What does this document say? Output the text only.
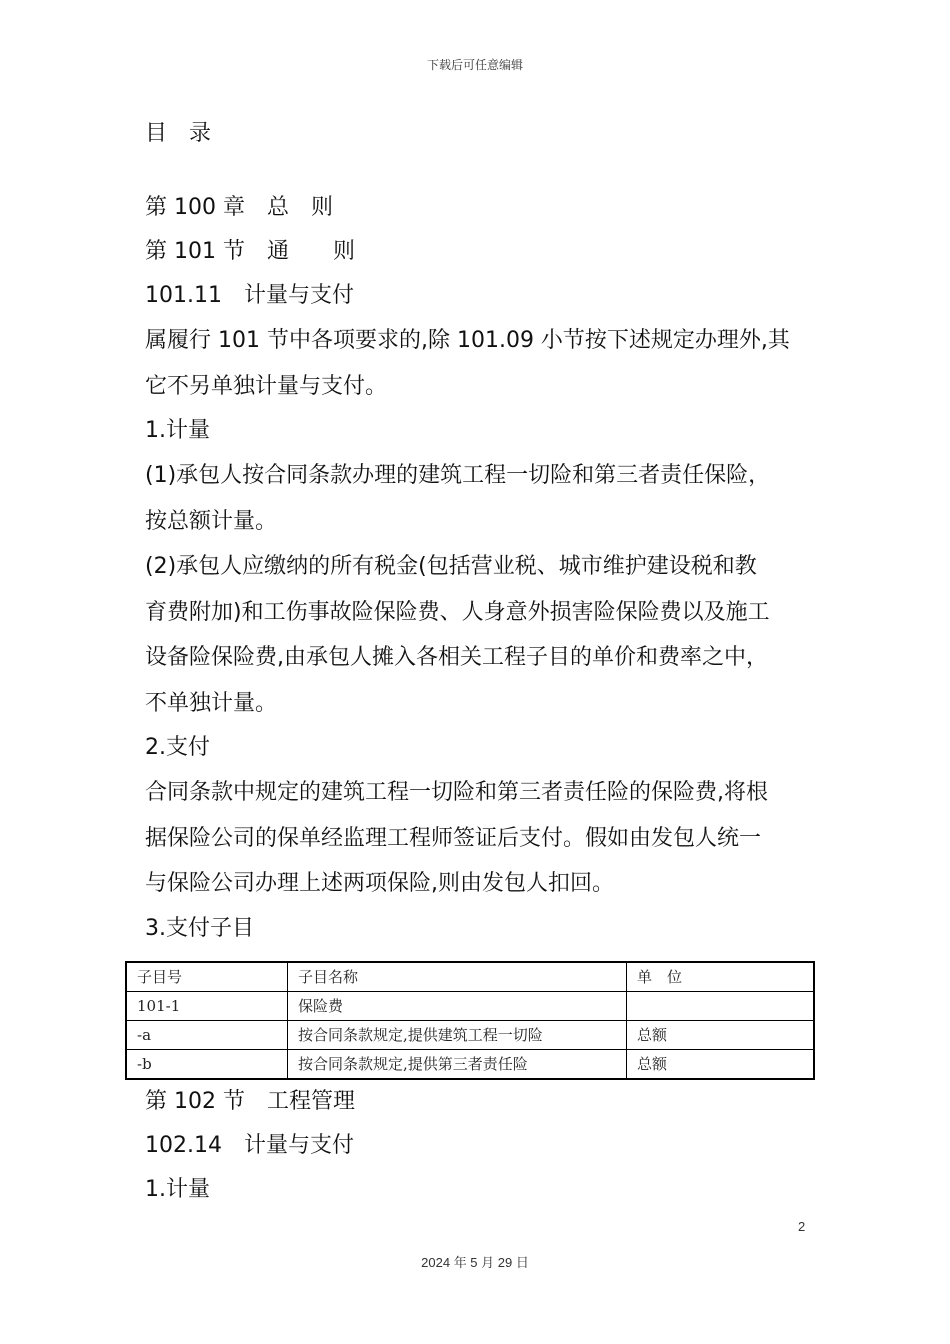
下载后可任意编辑
目　录
第 100 章　总　则
第 101 节　通　　则
101.11　计量与支付
属履行 101 节中各项要求的,除 101.09 小节按下述规定办理外,其
它不另单独计量与支付。
1.计量
(1)承包人按合同条款办理的建筑工程一切险和第三者责任保险，
按总额计量。
(2)承包人应缴纳的所有税金(包括营业税、城市维护建设税和教
育费附加)和工伤事故险保险费、人身意外损害险保险费以及施工
设备险保险费,由承包人摊入各相关工程子目的单价和费率之中，
不单独计量。
2.支付
合同条款中规定的建筑工程一切险和第三者责任险的保险费,将根
据保险公司的保单经监理工程师签证后支付。假如由发包人统一
与保险公司办理上述两项保险,则由发包人扣回。
3.支付子目
子目号	子目名称	单　位
101-1	保险费	
-a	按合同条款规定,提供建筑工程一切险	总额
-b	按合同条款规定,提供第三者责任险	总额
第 102 节　工程管理
102.14　计量与支付
1.计量
2
2024 年 5 月 29 日
